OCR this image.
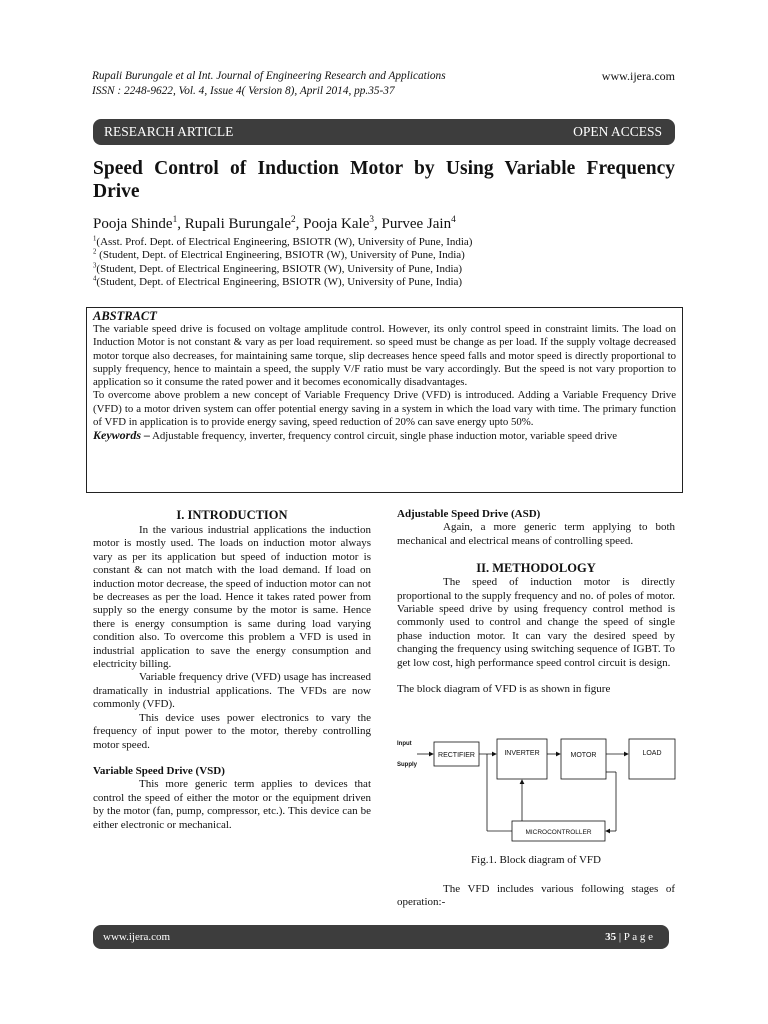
Rupali Burungale et al Int. Journal of Engineering Research and Applications
ISSN : 2248-9622, Vol. 4, Issue 4( Version 8), April 2014, pp.35-37
www.ijera.com
RESEARCH ARTICLE	OPEN ACCESS
Speed Control of Induction Motor by Using Variable Frequency Drive
Pooja Shinde$^1$, Rupali Burungale$^2$, Pooja Kale$^3$, Purvee Jain$^4$
$^1$(Asst. Prof. Dept. of Electrical Engineering, BSIOTR (W), University of Pune, India)
$^2$ (Student, Dept. of Electrical Engineering, BSIOTR (W), University of Pune, India)
$^3$(Student, Dept. of Electrical Engineering, BSIOTR (W), University of Pune, India)
$^4$(Student, Dept. of Electrical Engineering, BSIOTR (W), University of Pune, India)
ABSTRACT
The variable speed drive is focused on voltage amplitude control. However, its only control speed in constraint limits. The load on Induction Motor is not constant & vary as per load requirement. so speed must be change as per load. If the supply voltage decreased motor torque also decreases, for maintaining same torque, slip decreases hence speed falls and motor speed is directly proportional to supply frequency, hence to maintain a speed, the supply V/F ratio must be vary accordingly. But the speed is not vary proportion to application so it consume the rated power and it becomes economically disadvantages.
To overcome above problem a new concept of Variable Frequency Drive (VFD) is introduced. Adding a Variable Frequency Drive (VFD) to a motor driven system can offer potential energy saving in a system in which the load vary with time. The primary function of VFD in application is to provide energy saving, speed reduction of 20% can save energy upto 50%.
Keywords – Adjustable frequency, inverter, frequency control circuit, single phase induction motor, variable speed drive
I. INTRODUCTION
In the various industrial applications the induction motor is mostly used. The loads on induction motor always vary as per its application but speed of induction motor is constant & can not match with the load demand. If load on induction motor decrease, the speed of induction motor can not be decreases as per the load. Hence it takes rated power from supply so the energy consume by the motor is same. Hence there is energy consumption is same during load varying condition also. To overcome this problem a VFD is used in industrial application to save the energy consumption and electricity billing.
Variable frequency drive (VFD) usage has increased dramatically in industrial applications. The VFDs are now commonly (VFD).
This device uses power electronics to vary the frequency of input power to the motor, thereby controlling motor speed.
Variable Speed Drive (VSD)
This more generic term applies to devices that control the speed of either the motor or the equipment driven by the motor (fan, pump, compressor, etc.). This device can be either electronic or mechanical.
Adjustable Speed Drive (ASD)
Again, a more generic term applying to both mechanical and electrical means of controlling speed.
II. METHODOLOGY
The speed of induction motor is directly proportional to the supply frequency and no. of poles of motor. Variable speed drive by using frequency control method is commonly used to control and change the speed of single phase induction motor. It can vary the desired speed by changing the frequency using switching sequence of IGBT. To get low cost, high performance speed control circuit is design.
The block diagram of VFD is as shown in figure
Input
Supply
RECTIFIER	INVERTER	MOTOR	LOAD
MICROCONTROLLER
Fig.1. Block diagram of VFD
The VFD includes various following stages of operation:-
www.ijera.com	35 | P a g e
